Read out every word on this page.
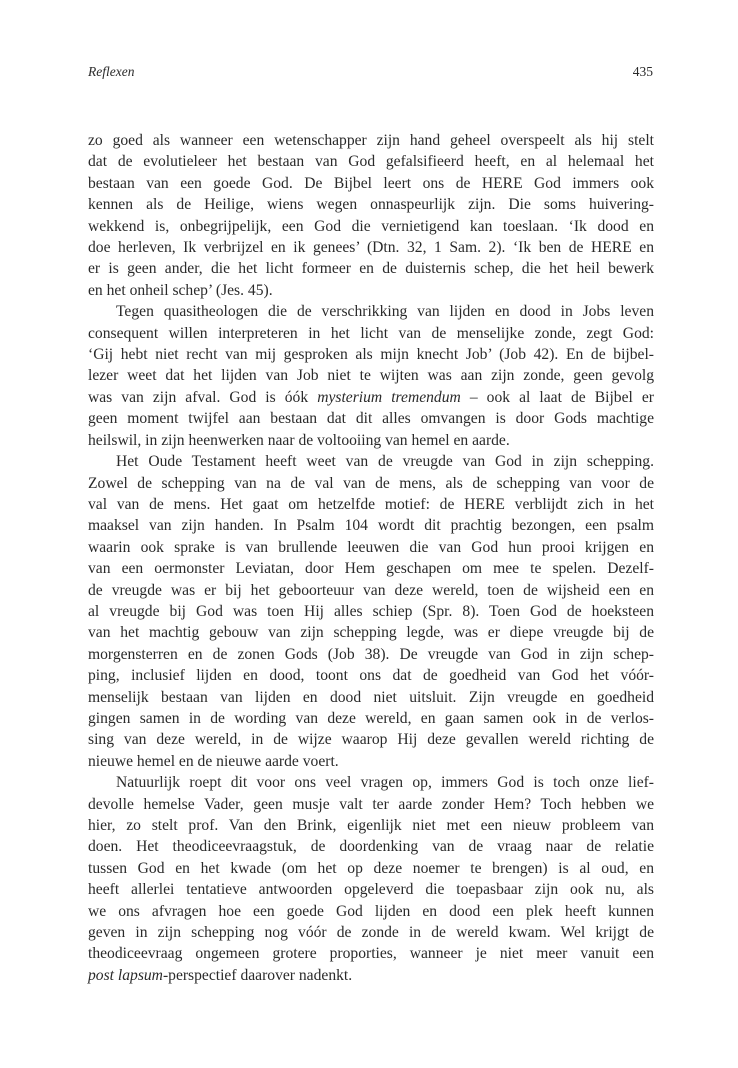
Reflexen	435

zo goed als wanneer een wetenschapper zijn hand geheel overspeelt als hij stelt
dat de evolutieleer het bestaan van God gefalsifieerd heeft, en al helemaal het
bestaan van een goede God. De Bijbel leert ons de HERE God immers ook
kennen als de Heilige, wiens wegen onnaspeurlijk zijn. Die soms huivering-
wekkend is, onbegrijpelijk, een God die vernietigend kan toeslaan. ‘Ik dood en
doe herleven, Ik verbrijzel en ik genees’ (Dtn. 32, 1 Sam. 2). ‘Ik ben de HERE en
er is geen ander, die het licht formeer en de duisternis schep, die het heil bewerk
en het onheil schep’ (Jes. 45).

Tegen quasitheologen die de verschrikking van lijden en dood in Jobs leven
consequent willen interpreteren in het licht van de menselijke zonde, zegt God:
‘Gij hebt niet recht van mij gesproken als mijn knecht Job’ (Job 42). En de bijbel-
lezer weet dat het lijden van Job niet te wijten was aan zijn zonde, geen gevolg
was van zijn afval. God is óók mysterium tremendum – ook al laat de Bijbel er
geen moment twijfel aan bestaan dat dit alles omvangen is door Gods machtige
heilswil, in zijn heenwerken naar de voltooiing van hemel en aarde.

Het Oude Testament heeft weet van de vreugde van God in zijn schepping.
Zowel de schepping van na de val van de mens, als de schepping van voor de
val van de mens. Het gaat om hetzelfde motief: de HERE verblijdt zich in het
maaksel van zijn handen. In Psalm 104 wordt dit prachtig bezongen, een psalm
waarin ook sprake is van brullende leeuwen die van God hun prooi krijgen en
van een oermonster Leviatan, door Hem geschapen om mee te spelen. Dezelf-
de vreugde was er bij het geboorteuur van deze wereld, toen de wijsheid een en
al vreugde bij God was toen Hij alles schiep (Spr. 8). Toen God de hoeksteen
van het machtig gebouw van zijn schepping legde, was er diepe vreugde bij de
morgensterren en de zonen Gods (Job 38). De vreugde van God in zijn schep-
ping, inclusief lijden en dood, toont ons dat de goedheid van God het vóór-
menselijk bestaan van lijden en dood niet uitsluit. Zijn vreugde en goedheid
gingen samen in de wording van deze wereld, en gaan samen ook in de verlos-
sing van deze wereld, in de wijze waarop Hij deze gevallen wereld richting de
nieuwe hemel en de nieuwe aarde voert.

Natuurlijk roept dit voor ons veel vragen op, immers God is toch onze lief-
devolle hemelse Vader, geen musje valt ter aarde zonder Hem? Toch hebben we
hier, zo stelt prof. Van den Brink, eigenlijk niet met een nieuw probleem van
doen. Het theodiceevraagstuk, de doordenking van de vraag naar de relatie
tussen God en het kwade (om het op deze noemer te brengen) is al oud, en
heeft allerlei tentatieve antwoorden opgeleverd die toepasbaar zijn ook nu, als
we ons afvragen hoe een goede God lijden en dood een plek heeft kunnen
geven in zijn schepping nog vóór de zonde in de wereld kwam. Wel krijgt de
theodiceevraag ongemeen grotere proporties, wanneer je niet meer vanuit een
post lapsum-perspectief daarover nadenkt.
